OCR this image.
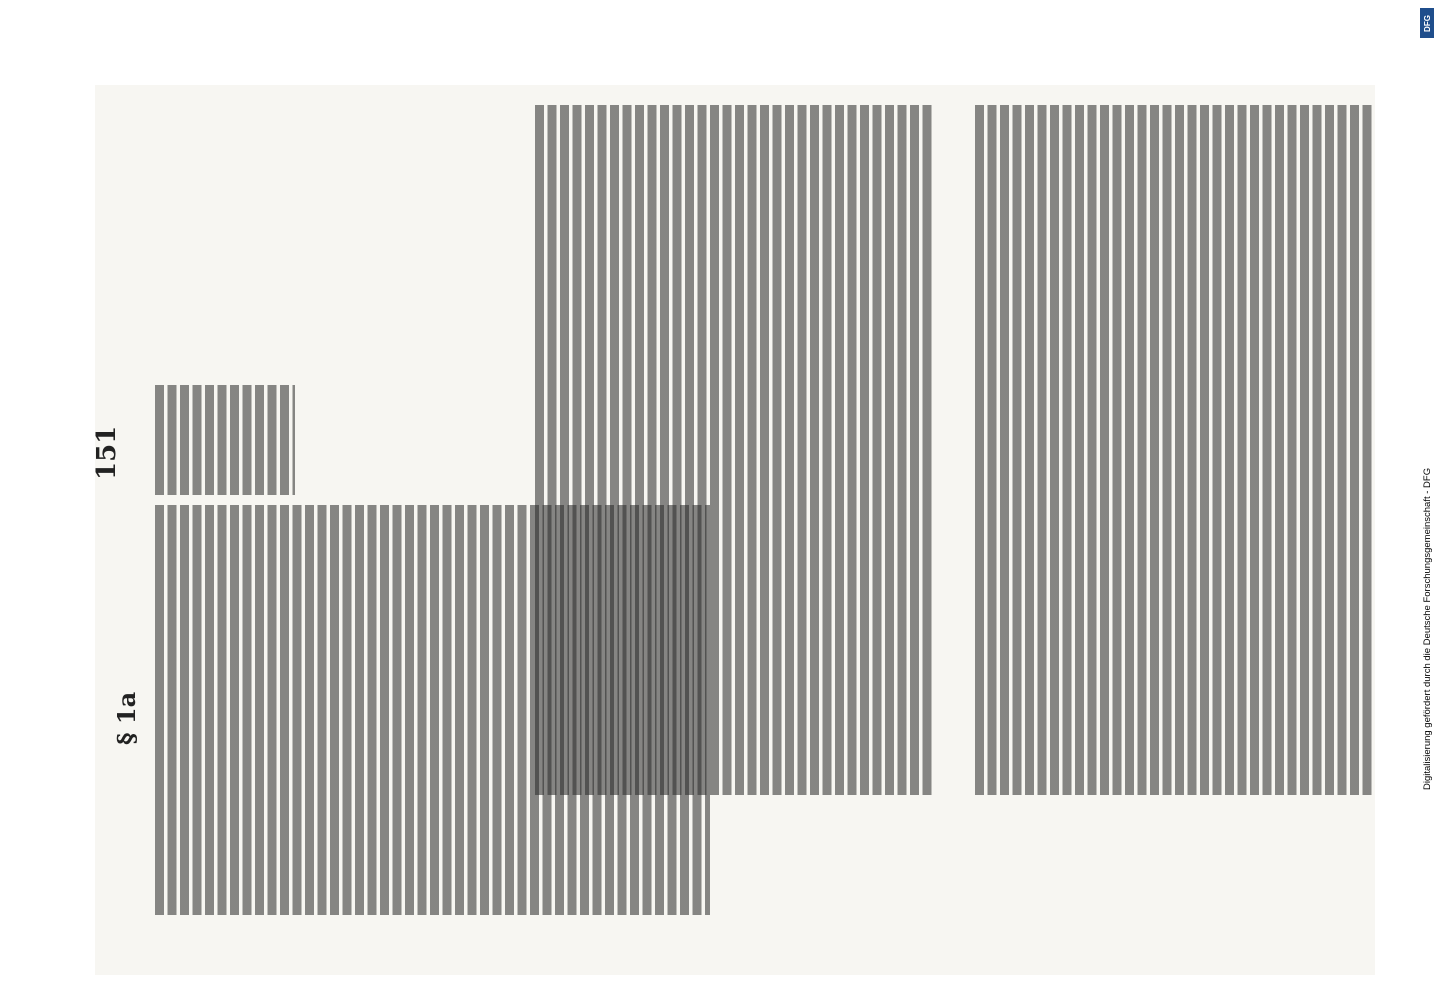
151
§ 1a	Digitalisierung gefördert durch die Deutsche Forschungsgemeinschaft - DFG
DFG
